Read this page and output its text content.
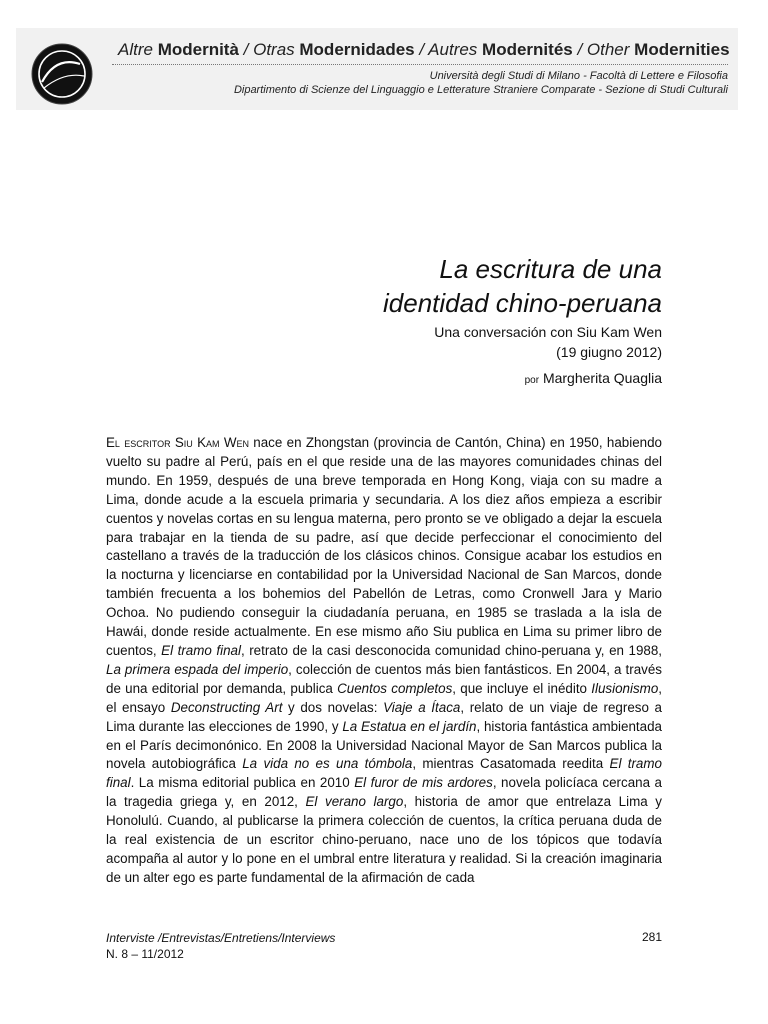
Altre Modernità / Otras Modernidades / Autres Modernités / Other Modernities
Università degli Studi di Milano - Facoltà di Lettere e Filosofia
Dipartimento di Scienze del Linguaggio e Letterature Straniere Comparate - Sezione di Studi Culturali
La escritura de una
identidad chino-peruana
Una conversación con Siu Kam Wen
(19 giugno 2012)
por Margherita Quaglia
El escritor Siu Kam Wen nace en Zhongstan (provincia de Cantón, China) en 1950, habiendo vuelto su padre al Perú, país en el que reside una de las mayores comunidades chinas del mundo. En 1959, después de una breve temporada en Hong Kong, viaja con su madre a Lima, donde acude a la escuela primaria y secundaria. A los diez años empieza a escribir cuentos y novelas cortas en su lengua materna, pero pronto se ve obligado a dejar la escuela para trabajar en la tienda de su padre, así que decide perfeccionar el conocimiento del castellano a través de la traducción de los clásicos chinos. Consigue acabar los estudios en la nocturna y licenciarse en contabilidad por la Universidad Nacional de San Marcos, donde también frecuenta a los bohemios del Pabellón de Letras, como Cronwell Jara y Mario Ochoa. No pudiendo conseguir la ciudadanía peruana, en 1985 se traslada a la isla de Hawái, donde reside actualmente. En ese mismo año Siu publica en Lima su primer libro de cuentos, El tramo final, retrato de la casi desconocida comunidad chino-peruana y, en 1988, La primera espada del imperio, colección de cuentos más bien fantásticos. En 2004, a través de una editorial por demanda, publica Cuentos completos, que incluye el inédito Ilusionismo, el ensayo Deconstructing Art y dos novelas: Viaje a Ítaca, relato de un viaje de regreso a Lima durante las elecciones de 1990, y La Estatua en el jardín, historia fantástica ambientada en el París decimonónico. En 2008 la Universidad Nacional Mayor de San Marcos publica la novela autobiográfica La vida no es una tómbola, mientras Casatomada reedita El tramo final. La misma editorial publica en 2010 El furor de mis ardores, novela policíaca cercana a la tragedia griega y, en 2012, El verano largo, historia de amor que entrelaza Lima y Honolulú. Cuando, al publicarse la primera colección de cuentos, la crítica peruana duda de la real existencia de un escritor chino-peruano, nace uno de los tópicos que todavía acompaña al autor y lo pone en el umbral entre literatura y realidad. Si la creación imaginaria de un alter ego es parte fundamental de la afirmación de cada
Interviste /Entrevistas/Entretiens/Interviews
N. 8 – 11/2012
281
